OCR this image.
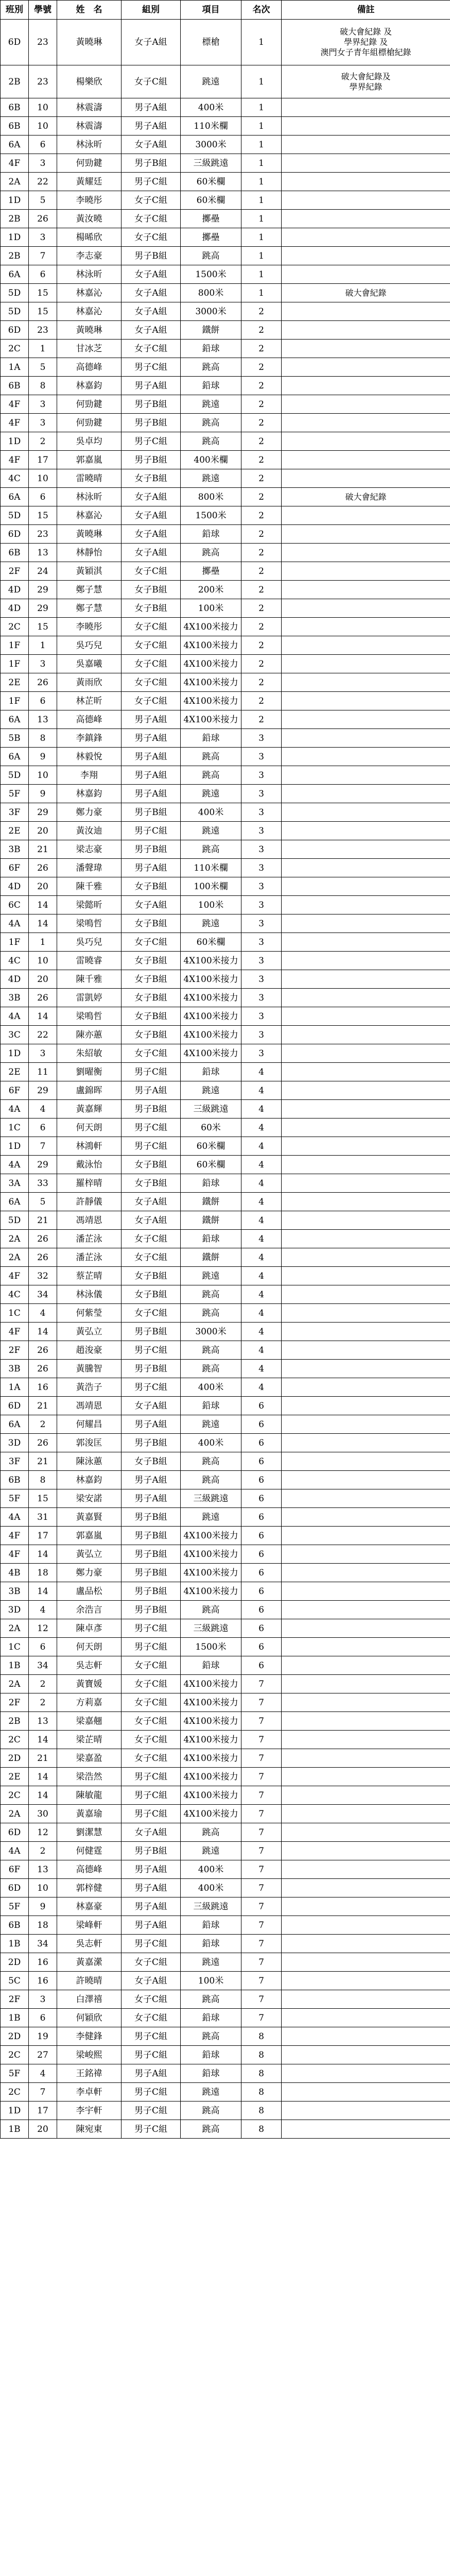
班別	學號	姓　名	組別	項目	名次	備註
6D	23	黃曉琳	女子A組	標槍	1	破大會紀錄 及
學界紀錄 及
澳門女子青年組標槍紀錄
2B	23	楊樂欣	女子C組	跳遠	1	破大會紀錄及
學界紀錄
6B	10	林震濤	男子A組	400米	1	
6B	10	林震濤	男子A組	110米欄	1	
6A	6	林泳昕	女子A組	3000米	1	
4F	3	何勁鍵	男子B組	三級跳遠	1	
2A	22	黃耀廷	男子C組	60米欄	1	
1D	5	李曉彤	女子C組	60米欄	1	
2B	26	黃汝曉	女子C組	擲壘	1	
1D	3	楊晞欣	女子C組	擲壘	1	
2B	7	李志豪	男子B組	跳高	1	
6A	6	林泳昕	女子A組	1500米	1	
5D	15	林嘉沁	女子A組	800米	1	破大會紀錄
5D	15	林嘉沁	女子A組	3000米	2	
6D	23	黃曉琳	女子A組	鐵餅	2	
2C	1	甘冰芝	女子C組	鉛球	2	
1A	5	高德峰	男子C組	跳高	2	
6B	8	林嘉鈞	男子A組	鉛球	2	
4F	3	何勁鍵	男子B組	跳遠	2	
4F	3	何勁鍵	男子B組	跳高	2	
1D	2	吳卓均	男子C組	跳高	2	
4F	17	郭嘉嵐	男子B組	400米欄	2	
4C	10	雷曉晴	女子B組	跳遠	2	
6A	6	林泳昕	女子A組	800米	2	破大會紀錄
5D	15	林嘉沁	女子A組	1500米	2	
6D	23	黃曉琳	女子A組	鉛球	2	
6B	13	林靜怡	女子A組	跳高	2	
2F	24	黃穎淇	女子C組	擲壘	2	
4D	29	鄭子慧	女子B組	200米	2	
4D	29	鄭子慧	女子B組	100米	2	
2C	15	李曉彤	女子C組	4X100米接力	2	
1F	1	吳巧兒	女子C組	4X100米接力	2	
1F	3	吳嘉曦	女子C組	4X100米接力	2	
2E	26	黃雨欣	女子C組	4X100米接力	2	
1F	6	林芷昕	女子C組	4X100米接力	2	
6A	13	高德峰	男子A組	4X100米接力	2	
5B	8	李鎮鋒	男子A組	鉛球	3	
6A	9	林毅悅	男子A組	跳高	3	
5D	10	李翔	男子A組	跳高	3	
5F	9	林嘉鈞	男子A組	跳遠	3	
3F	29	鄭力豪	男子B組	400米	3	
2E	20	黃汝迪	男子C組	跳遠	3	
3B	21	梁志豪	男子B組	跳高	3	
6F	26	潘聲瑋	男子A組	110米欄	3	
4D	20	陳千雅	女子B組	100米欄	3	
6C	14	梁懿昕	女子A組	100米	3	
4A	14	梁鳴哲	女子B組	跳遠	3	
1F	1	吳巧兒	女子C組	60米欄	3	
4C	10	雷曉睿	女子B組	4X100米接力	3	
4D	20	陳千雅	女子B組	4X100米接力	3	
3B	26	雷凱婷	女子B組	4X100米接力	3	
4A	14	梁鳴哲	女子B組	4X100米接力	3	
3C	22	陳亦蕙	女子B組	4X100米接力	3	
1D	3	朱紹敏	女子C組	4X100米接力	3	
2E	11	劉曜衡	男子C組	鉛球	4	
6F	29	盧錦晖	男子A組	跳遠	4	
4A	4	黃嘉輝	男子B組	三級跳遠	4	
1C	6	何天朗	男子C組	60米	4	
1D	7	林鴻軒	男子C組	60米欄	4	
4A	29	戴泳怡	女子B組	60米欄	4	
3A	33	羅梓晴	女子B組	鉛球	4	
6A	5	許靜儀	女子A組	鐵餅	4	
5D	21	馮靖恩	女子A組	鐵餅	4	
2A	26	潘芷泳	女子C組	鉛球	4	
2A	26	潘芷泳	女子C組	鐵餅	4	
4F	32	蔡芷晴	女子B組	跳遠	4	
4C	34	林泳儀	女子B組	跳高	4	
1C	4	何紫瑩	女子C組	跳高	4	
4F	14	黃弘立	男子B組	3000米	4	
2F	26	趙浚豪	男子C組	跳高	4	
3B	26	黃騰智	男子B組	跳高	4	
1A	16	黃浩子	男子C組	400米	4	
6D	21	馮靖恩	女子A組	鉛球	6	
6A	2	何耀昌	男子A組	跳遠	6	
3D	26	郭浚匡	男子B組	400米	6	
3F	21	陳泳蕙	女子B組	跳高	6	
6B	8	林嘉鈞	男子A組	跳高	6	
5F	15	梁安諾	男子A組	三級跳遠	6	
4A	31	黃嘉賢	男子B組	跳遠	6	
4F	17	郭嘉嵐	男子B組	4X100米接力	6	
4F	14	黃弘立	男子B組	4X100米接力	6	
4B	18	鄭力豪	男子B組	4X100米接力	6	
3B	14	盧品松	男子B組	4X100米接力	6	
3D	4	余浩言	男子B組	跳高	6	
2A	12	陳卓彥	男子C組	三級跳遠	6	
1C	6	何天朗	男子C組	1500米	6	
1B	34	吳志軒	女子C組	鉛球	6	
2A	2	黃寶媛	女子C組	4X100米接力	7	
2F	2	方莉嘉	女子C組	4X100米接力	7	
2B	13	梁嘉翹	女子C組	4X100米接力	7	
2C	14	梁芷晴	女子C組	4X100米接力	7	
2D	21	梁嘉盈	女子C組	4X100米接力	7	
2E	14	梁浩然	男子C組	4X100米接力	7	
2C	14	陳敏龍	男子C組	4X100米接力	7	
2A	30	黃嘉瑜	男子C組	4X100米接力	7	
6D	12	劉潔慧	女子A組	跳高	7	
4A	2	何健霆	男子B組	跳遠	7	
6F	13	高德峰	男子A組	400米	7	
6D	10	郭梓健	男子A組	400米	7	
5F	9	林嘉豪	男子A組	三級跳遠	7	
6B	18	梁峰軒	男子A組	鉛球	7	
1B	34	吳志軒	男子C組	鉛球	7	
2D	16	黃嘉瀠	女子C組	跳遠	7	
5C	16	許曉晴	女子A組	100米	7	
2F	3	白澤禧	女子C組	跳高	7	
1B	6	何穎欣	女子C組	鉛球	7	
2D	19	李健鋒	男子C組	跳高	8	
2C	27	梁峻熙	男子C組	鉛球	8	
5F	4	王銘禕	男子A組	鉛球	8	
2C	7	李卓軒	男子C組	跳遠	8	
1D	17	李宇軒	男子C組	跳高	8	
1B	20	陳宛東	男子C組	跳高	8	
